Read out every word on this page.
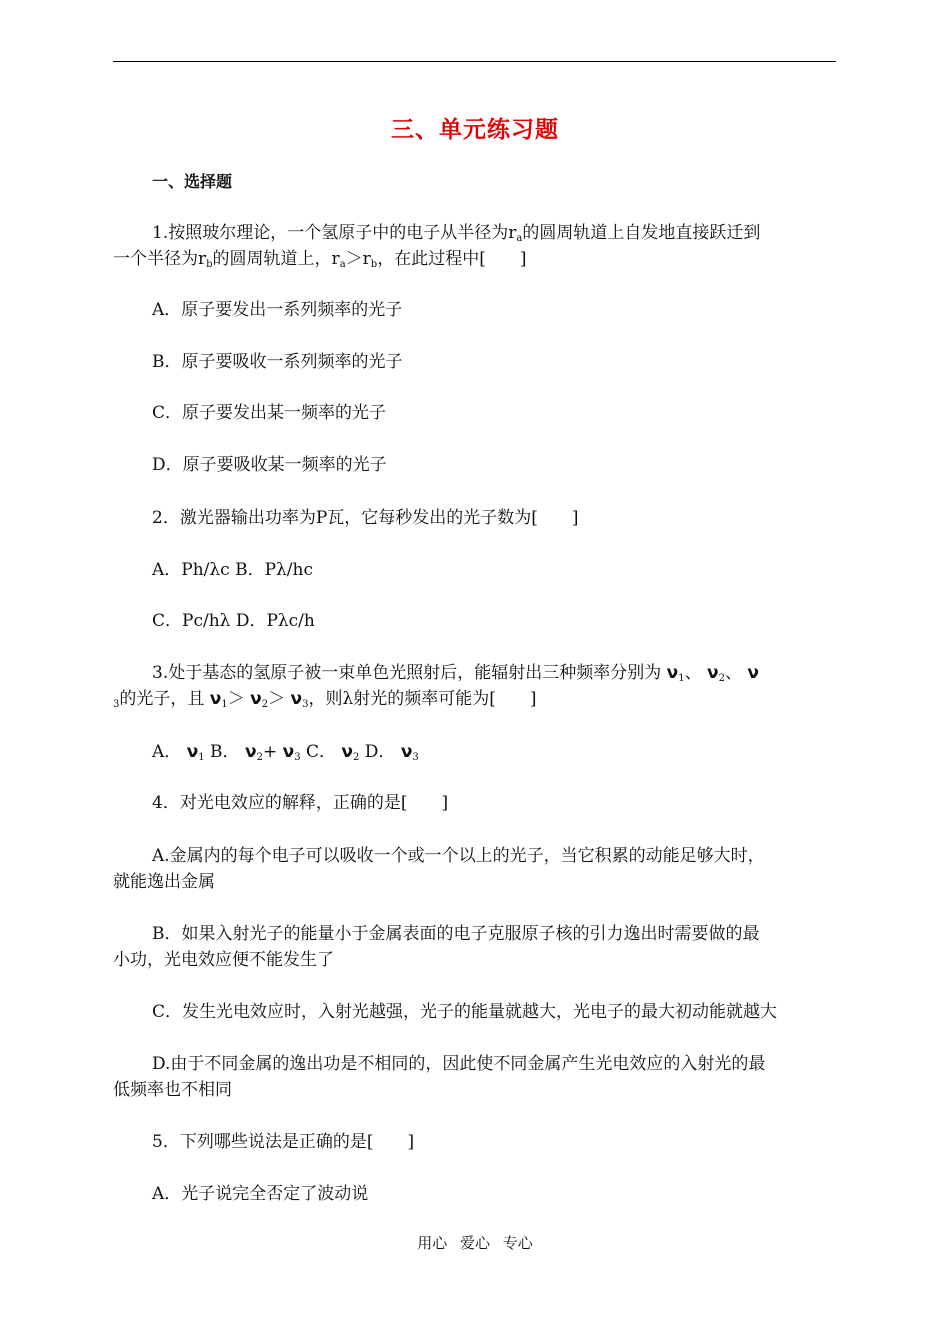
三、单元练习题
一、选择题
1.按照玻尔理论，一个氢原子中的电子从半径为$r_a$的圆周轨道上自发地直接跃迁到
一个半径为$r_b$的圆周轨道上，$r_a>r_b$，在此过程中[　　]
A．原子要发出一系列频率的光子
B．原子要吸收一系列频率的光子
C．原子要发出某一频率的光子
D．原子要吸收某一频率的光子
2．激光器输出功率为P瓦，它每秒发出的光子数为[　　]
A．Ph/λc B．Pλ/hc
C．Pc/hλ D．Pλc/h
3.处于基态的氢原子被一束单色光照射后，能辐射出三种频率分别为 ν1、 ν2、 ν
3的光子，且 ν1＞ ν2＞ ν3，则λ射光的频率可能为[　　]
A． ν1 B． ν2+ ν3 C． ν2 D． ν3
4．对光电效应的解释，正确的是[　　]
A.金属内的每个电子可以吸收一个或一个以上的光子，当它积累的动能足够大时，
就能逸出金属
B．如果入射光子的能量小于金属表面的电子克服原子核的引力逸出时需要做的最
小功，光电效应便不能发生了
C．发生光电效应时，入射光越强，光子的能量就越大，光电子的最大初动能就越大
D.由于不同金属的逸出功是不相同的，因此使不同金属产生光电效应的入射光的最
低频率也不相同
5．下列哪些说法是正确的是[　　]
A．光子说完全否定了波动说
用心 爱心 专心
